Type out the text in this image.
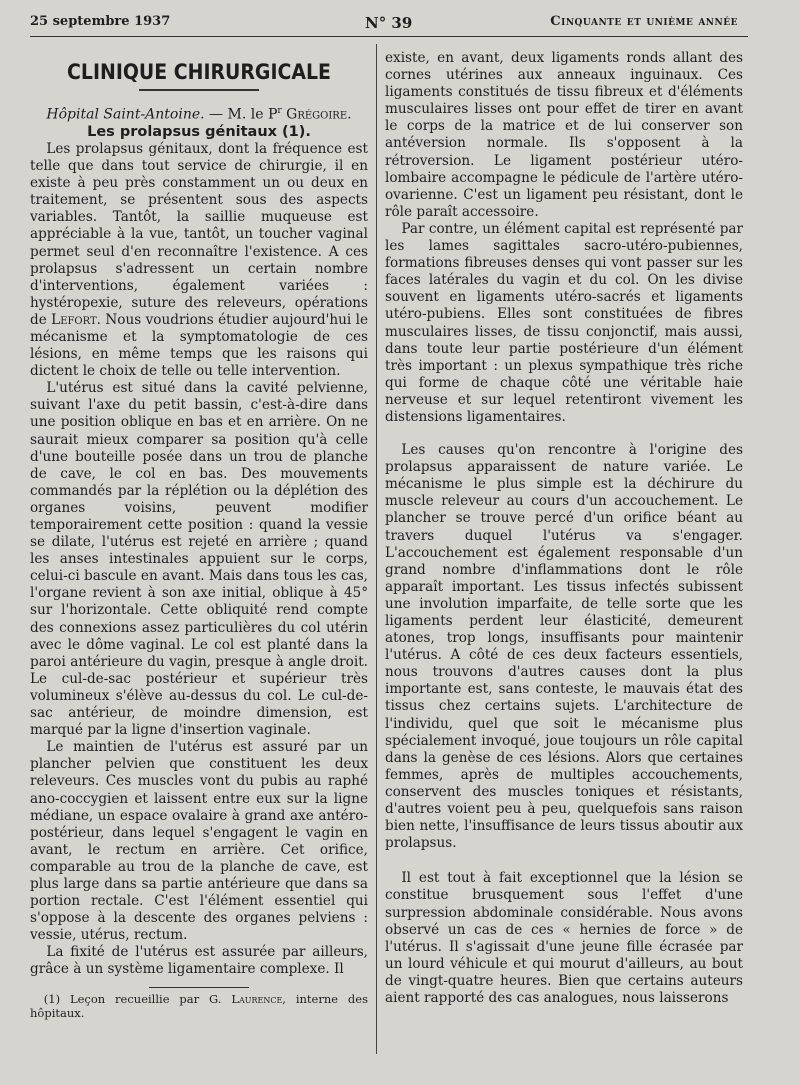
25 septembre 1937	N° 39	Cinquante et unième année
CLINIQUE CHIRURGICALE

Hôpital Saint-Antoine. — M. le $P^r$ Grégoire.

Les prolapsus génitaux (1).

Les prolapsus génitaux, dont la fréquence est telle que dans tout service de chirurgie, il en existe à peu près constamment un ou deux en traitement, se présentent sous des aspects variables. Tantôt, la saillie muqueuse est appréciable à la vue, tantôt, un toucher vaginal permet seul d'en reconnaître l'existence. A ces prolapsus s'adressent un certain nombre d'interventions, également variées : hystéropexie, suture des releveurs, opérations de Lefort. Nous voudrions étudier aujourd'hui le mécanisme et la symptomatologie de ces lésions, en même temps que les raisons qui dictent le choix de telle ou telle intervention.

L'utérus est situé dans la cavité pelvienne, suivant l'axe du petit bassin, c'est-à-dire dans une position oblique en bas et en arrière. On ne saurait mieux comparer sa position qu'à celle d'une bouteille posée dans un trou de planche de cave, le col en bas. Des mouvements commandés par la réplétion ou la déplétion des organes voisins, peuvent modifier temporairement cette position : quand la vessie se dilate, l'utérus est rejeté en arrière ; quand les anses intestinales appuient sur le corps, celui-ci bascule en avant. Mais dans tous les cas, l'organe revient à son axe initial, oblique à 45° sur l'horizontale. Cette obliquité rend compte des connexions assez particulières du col utérin avec le dôme vaginal. Le col est planté dans la paroi antérieure du vagin, presque à angle droit. Le cul-de-sac postérieur et supérieur très volumineux s'élève au-dessus du col. Le cul-de-sac antérieur, de moindre dimension, est marqué par la ligne d'insertion vaginale.

Le maintien de l'utérus est assuré par un plancher pelvien que constituent les deux releveurs. Ces muscles vont du pubis au raphé ano-coccygien et laissent entre eux sur la ligne médiane, un espace ovalaire à grand axe antéro-postérieur, dans lequel s'engagent le vagin en avant, le rectum en arrière. Cet orifice, comparable au trou de la planche de cave, est plus large dans sa partie antérieure que dans sa portion rectale. C'est l'élément essentiel qui s'oppose à la descente des organes pelviens : vessie, utérus, rectum.

La fixité de l'utérus est assurée par ailleurs, grâce à un système ligamentaire complexe. Il

(1) Leçon recueillie par G. Laurence, interne des hôpitaux.

existe, en avant, deux ligaments ronds allant des cornes utérines aux anneaux inguinaux. Ces ligaments constitués de tissu fibreux et d'éléments musculaires lisses ont pour effet de tirer en avant le corps de la matrice et de lui conserver son antéversion normale. Ils s'opposent à la rétroversion. Le ligament postérieur utéro-lombaire accompagne le pédicule de l'artère utéro-ovarienne. C'est un ligament peu résistant, dont le rôle paraît accessoire.

Par contre, un élément capital est représenté par les lames sagittales sacro-utéro-pubiennes, formations fibreuses denses qui vont passer sur les faces latérales du vagin et du col. On les divise souvent en ligaments utéro-sacrés et ligaments utéro-pubiens. Elles sont constituées de fibres musculaires lisses, de tissu conjonctif, mais aussi, dans toute leur partie postérieure d'un élément très important : un plexus sympathique très riche qui forme de chaque côté une véritable haie nerveuse et sur lequel retentiront vivement les distensions ligamentaires.

Les causes qu'on rencontre à l'origine des prolapsus apparaissent de nature variée. Le mécanisme le plus simple est la déchirure du muscle releveur au cours d'un accouchement. Le plancher se trouve percé d'un orifice béant au travers duquel l'utérus va s'engager. L'accouchement est également responsable d'un grand nombre d'inflammations dont le rôle apparaît important. Les tissus infectés subissent une involution imparfaite, de telle sorte que les ligaments perdent leur élasticité, demeurent atones, trop longs, insuffisants pour maintenir l'utérus. A côté de ces deux facteurs essentiels, nous trouvons d'autres causes dont la plus importante est, sans conteste, le mauvais état des tissus chez certains sujets. L'architecture de l'individu, quel que soit le mécanisme plus spécialement invoqué, joue toujours un rôle capital dans la genèse de ces lésions. Alors que certaines femmes, après de multiples accouchements, conservent des muscles toniques et résistants, d'autres voient peu à peu, quelquefois sans raison bien nette, l'insuffisance de leurs tissus aboutir aux prolapsus.

Il est tout à fait exceptionnel que la lésion se constitue brusquement sous l'effet d'une surpression abdominale considérable. Nous avons observé un cas de ces « hernies de force » de l'utérus. Il s'agissait d'une jeune fille écrasée par un lourd véhicule et qui mourut d'ailleurs, au bout de vingt-quatre heures. Bien que certains auteurs aient rapporté des cas analogues, nous laisserons
